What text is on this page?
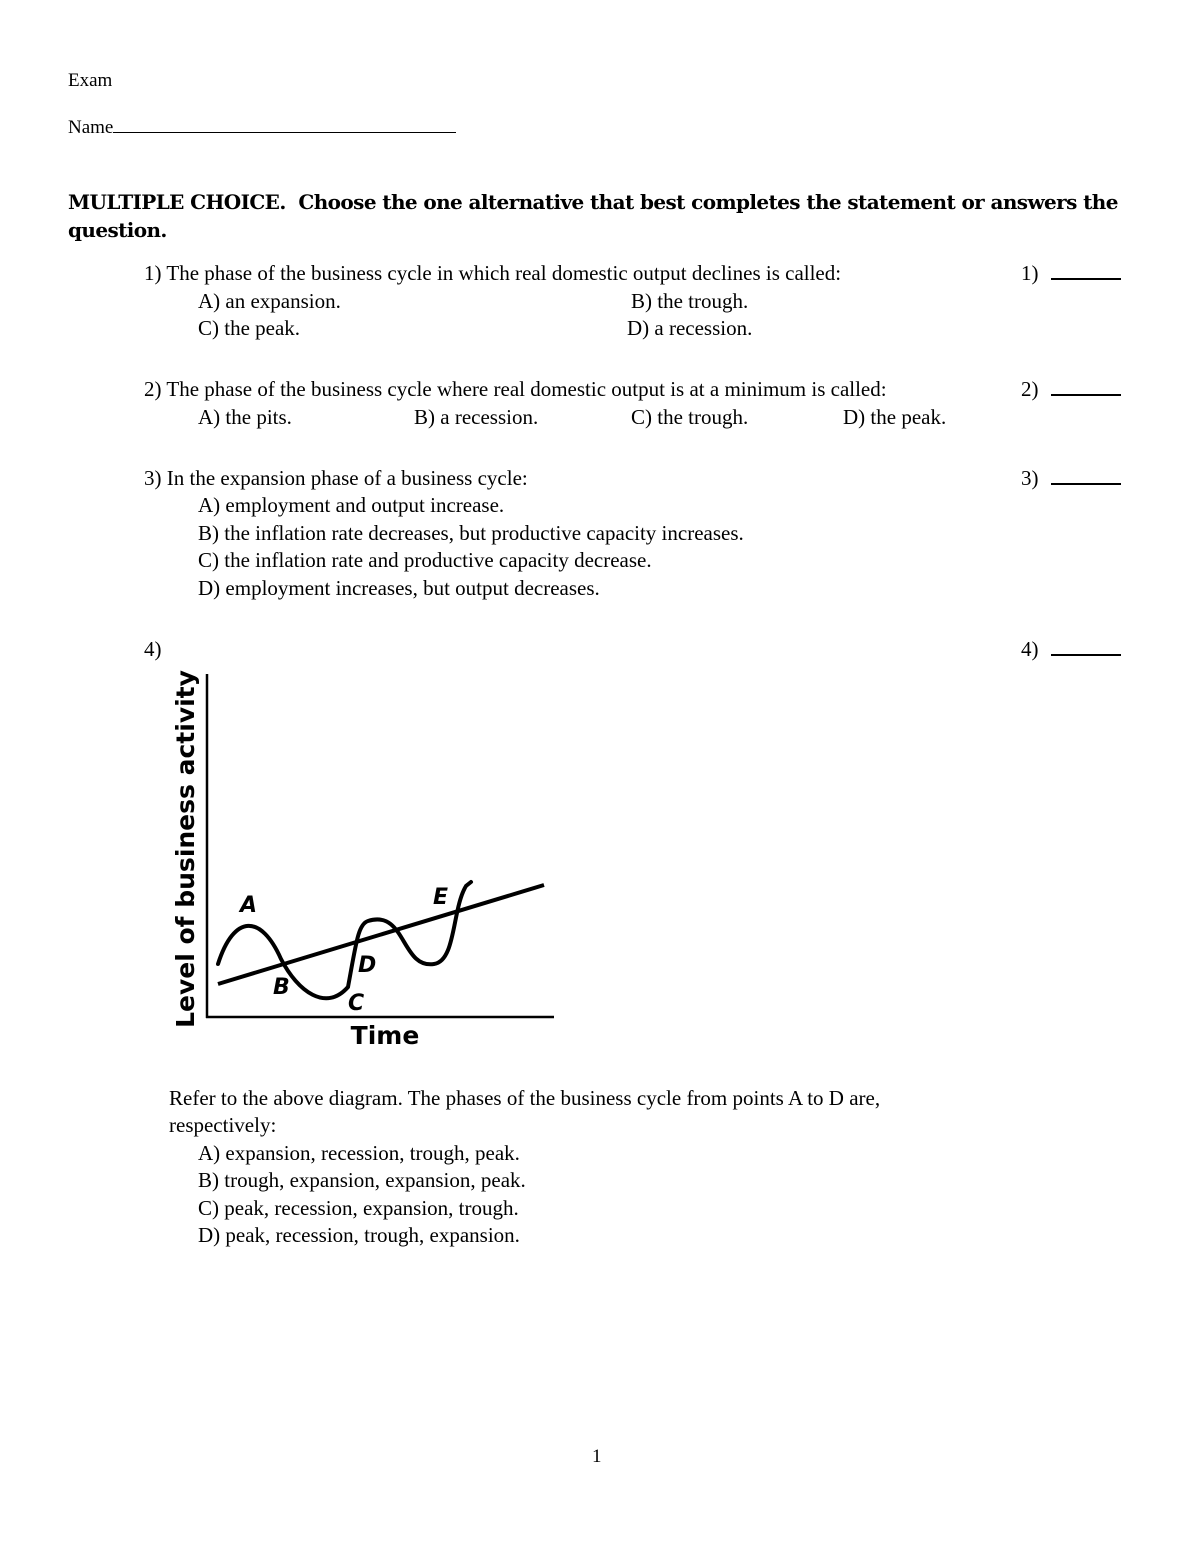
Exam
Name
MULTIPLE CHOICE. Choose the one alternative that best completes the statement or answers the
question.
1) The phase of the business cycle in which real domestic output declines is called:	1)
A) an expansion.	B) the trough.
C) the peak.	D) a recession.
2) The phase of the business cycle where real domestic output is at a minimum is called:	2)
A) the pits.	B) a recession.	C) the trough.	D) the peak.
3) In the expansion phase of a business cycle:	3)
A) employment and output increase.
B) the inflation rate decreases, but productive capacity increases.
C) the inflation rate and productive capacity decrease.
D) employment increases, but output decreases.
4)	4)
Level of business activity
Time
A
B
C
D
E
Refer to the above diagram. The phases of the business cycle from points A to D are,
respectively:
A) expansion, recession, trough, peak.
B) trough, expansion, expansion, peak.
C) peak, recession, expansion, trough.
D) peak, recession, trough, expansion.
1
